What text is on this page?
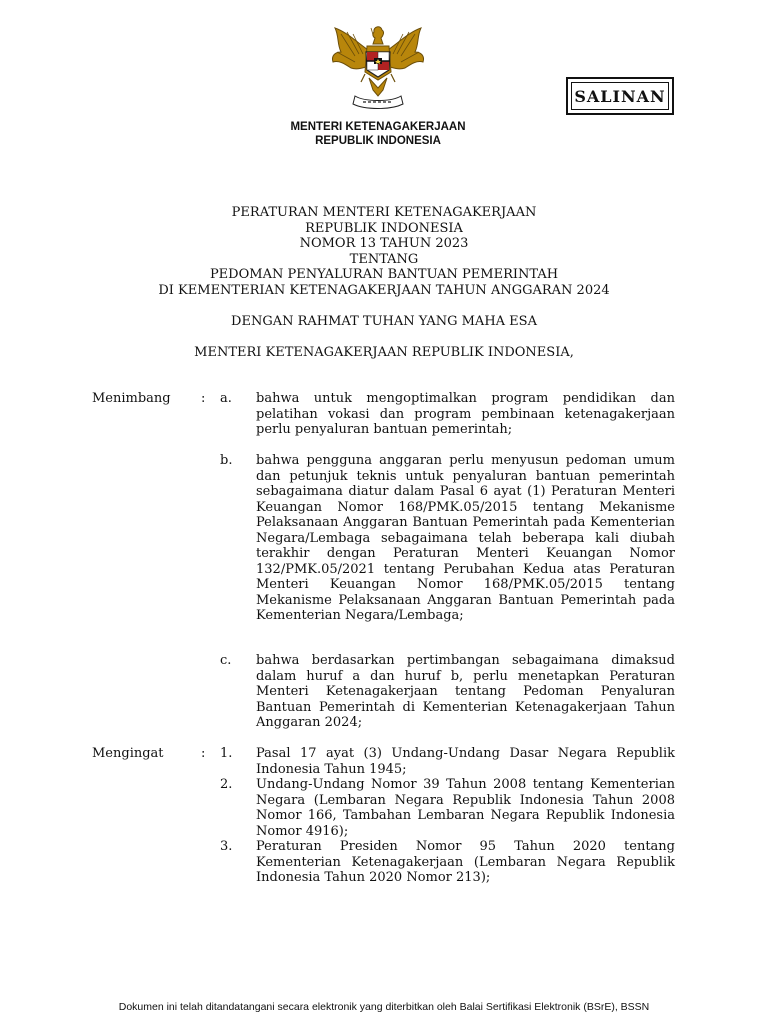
SALINAN
MENTERI KETENAGAKERJAAN
REPUBLIK INDONESIA
PERATURAN MENTERI KETENAGAKERJAAN
REPUBLIK INDONESIA
NOMOR 13 TAHUN 2023
TENTANG
PEDOMAN PENYALURAN BANTUAN PEMERINTAH
DI KEMENTERIAN KETENAGAKERJAAN TAHUN ANGGARAN 2024
DENGAN RAHMAT TUHAN YANG MAHA ESA
MENTERI KETENAGAKERJAAN REPUBLIK INDONESIA,
Menimbang : a. bahwa untuk mengoptimalkan program pendidikan dan pelatihan vokasi dan program pembinaan ketenagakerjaan perlu penyaluran bantuan pemerintah;
b. bahwa pengguna anggaran perlu menyusun pedoman umum dan petunjuk teknis untuk penyaluran bantuan pemerintah sebagaimana diatur dalam Pasal 6 ayat (1) Peraturan Menteri Keuangan Nomor 168/PMK.05/2015 tentang Mekanisme Pelaksanaan Anggaran Bantuan Pemerintah pada Kementerian Negara/Lembaga sebagaimana telah beberapa kali diubah terakhir dengan Peraturan Menteri Keuangan Nomor 132/PMK.05/2021 tentang Perubahan Kedua atas Peraturan Menteri Keuangan Nomor 168/PMK.05/2015 tentang Mekanisme Pelaksanaan Anggaran Bantuan Pemerintah pada Kementerian Negara/Lembaga;
c. bahwa berdasarkan pertimbangan sebagaimana dimaksud dalam huruf a dan huruf b, perlu menetapkan Peraturan Menteri Ketenagakerjaan tentang Pedoman Penyaluran Bantuan Pemerintah di Kementerian Ketenagakerjaan Tahun Anggaran 2024;
Mengingat	: 1. Pasal 17 ayat (3) Undang-Undang Dasar Negara Republik Indonesia Tahun 1945;
2. Undang-Undang Nomor 39 Tahun 2008 tentang Kementerian Negara (Lembaran Negara Republik Indonesia Tahun 2008 Nomor 166, Tambahan Lembaran Negara Republik Indonesia Nomor 4916);
3. Peraturan Presiden Nomor 95 Tahun 2020 tentang Kementerian Ketenagakerjaan (Lembaran Negara Republik Indonesia Tahun 2020 Nomor 213);
Dokumen ini telah ditandatangani secara elektronik yang diterbitkan oleh Balai Sertifikasi Elektronik (BSrE), BSSN
